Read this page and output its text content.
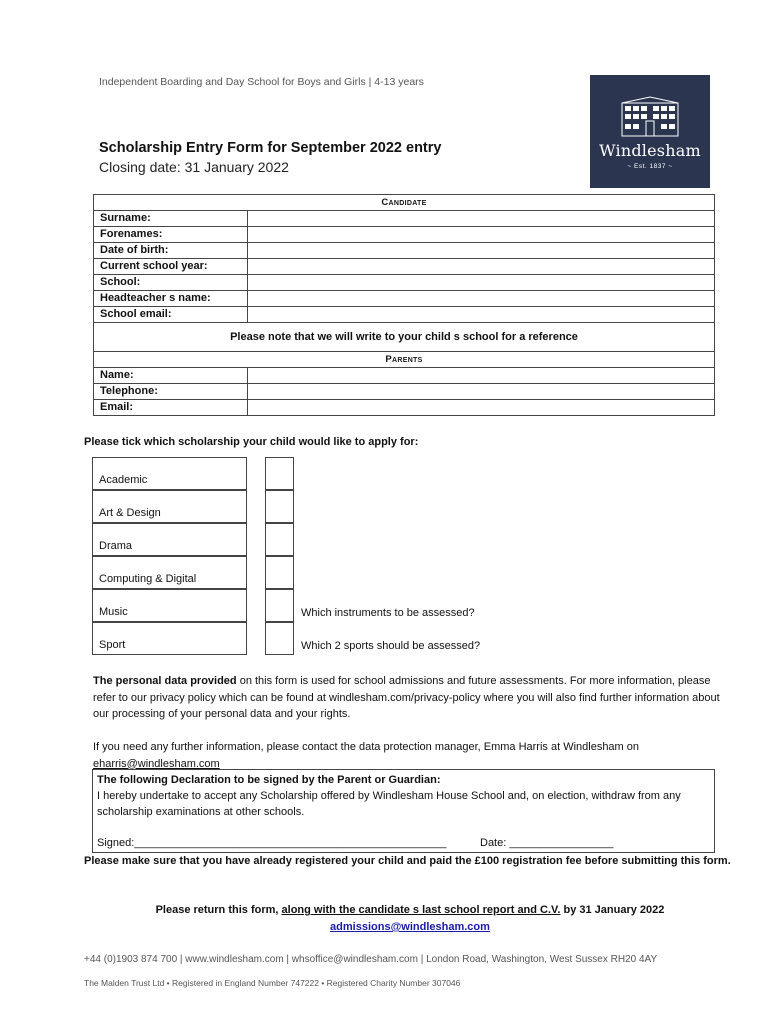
Independent Boarding and Day School for Boys and Girls | 4-13 years
Scholarship Entry Form for September 2022 entry
Closing date: 31 January 2022
Windlesham
~ Est. 1837 ~
Candidate	
Surname:	
Forenames:	
Date of birth:	
Current school year:	
School:	
Headteacher s name:	
School email:	
Please note that we will write to your child s school for a reference	
Parents	
Name:	
Telephone:	
Email:	
Please tick which scholarship your child would like to apply for:
Academic
Art & Design
Drama
Computing & Digital
Music	Which instruments to be assessed?
Sport	Which 2 sports should be assessed?
The personal data provided on this form is used for school admissions and future assessments. For more information, please refer to our privacy policy which can be found at windlesham.com/privacy-policy where you will also find further information about our processing of your personal data and your rights.
If you need any further information, please contact the data protection manager, Emma Harris at Windlesham on eharris@windlesham.com
The following Declaration to be signed by the Parent or Guardian:
I hereby undertake to accept any Scholarship offered by Windlesham House School and, on election, withdraw from any scholarship examinations at other schools.
Signed:___________________________________________________	Date: _________________
Please make sure that you have already registered your child and paid the £100 registration fee before submitting this form.
Please return this form, along with the candidate s last school report and C.V. by 31 January 2022
admissions@windlesham.com
+44 (0)1903 874 700 | www.windlesham.com | whsoffice@windlesham.com | London Road, Washington, West Sussex RH20 4AY
The Malden Trust Ltd • Registered in England Number 747222 • Registered Charity Number 307046
